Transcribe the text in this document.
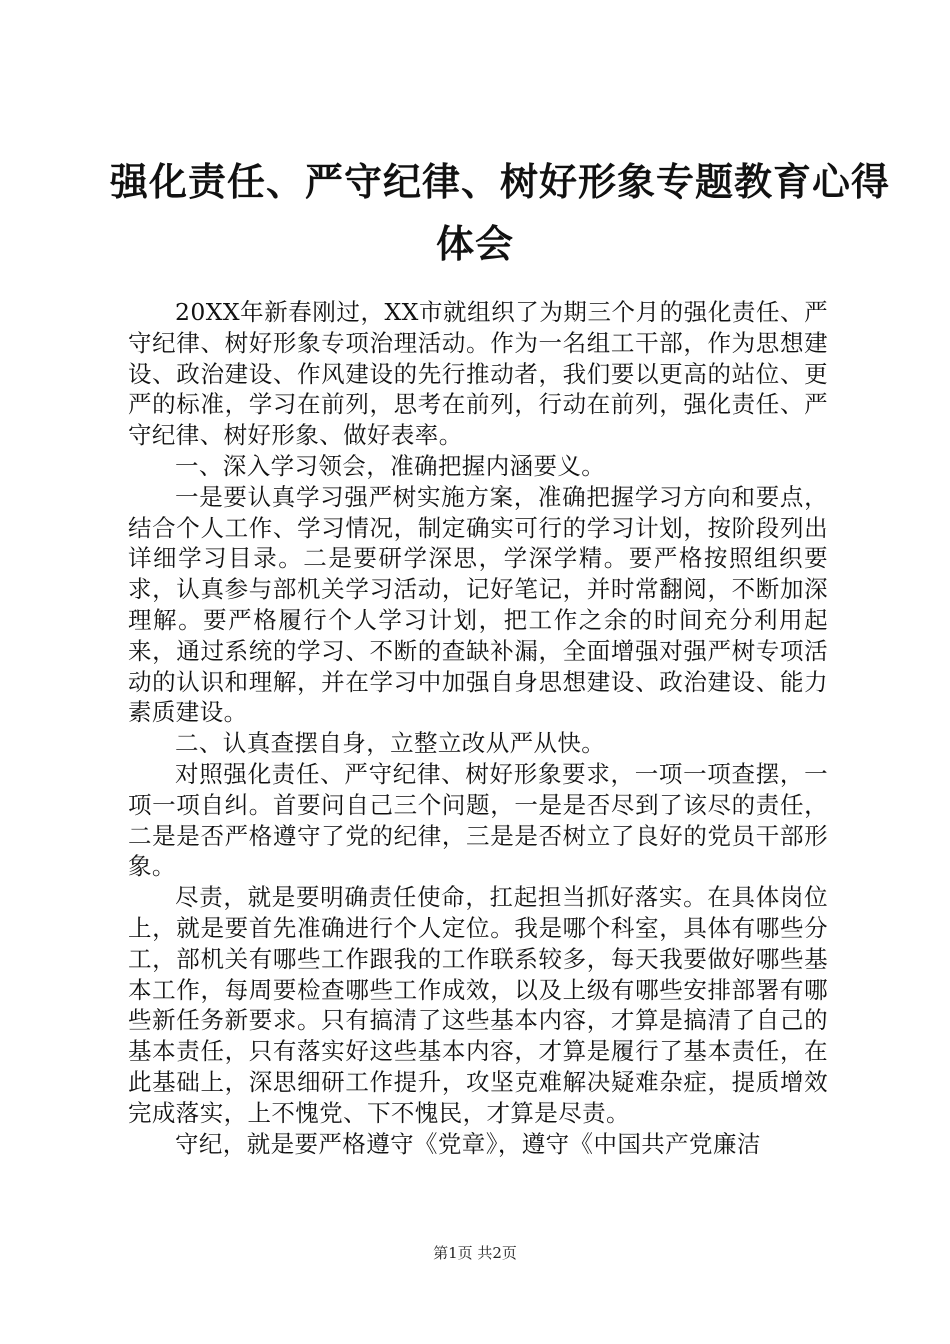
强化责任、严守纪律、树好形象专题教育心得
体会

20XX年新春刚过，XX市就组织了为期三个月的强化责任、严守纪律、树好形象专项治理活动。作为一名组工干部，作为思想建设、政治建设、作风建设的先行推动者，我们要以更高的站位、更严的标准，学习在前列，思考在前列，行动在前列，强化责任、严守纪律、树好形象、做好表率。

一、深入学习领会，准确把握内涵要义。

一是要认真学习强严树实施方案，准确把握学习方向和要点，结合个人工作、学习情况，制定确实可行的学习计划，按阶段列出详细学习目录。二是要研学深思，学深学精。要严格按照组织要求，认真参与部机关学习活动，记好笔记，并时常翻阅，不断加深理解。要严格履行个人学习计划，把工作之余的时间充分利用起来，通过系统的学习、不断的查缺补漏，全面增强对强严树专项活动的认识和理解，并在学习中加强自身思想建设、政治建设、能力素质建设。

二、认真查摆自身，立整立改从严从快。

对照强化责任、严守纪律、树好形象要求，一项一项查摆，一项一项自纠。首要问自己三个问题，一是是否尽到了该尽的责任，二是是否严格遵守了党的纪律，三是是否树立了良好的党员干部形象。

尽责，就是要明确责任使命，扛起担当抓好落实。在具体岗位上，就是要首先准确进行个人定位。我是哪个科室，具体有哪些分工，部机关有哪些工作跟我的工作联系较多，每天我要做好哪些基本工作，每周要检查哪些工作成效，以及上级有哪些安排部署有哪些新任务新要求。只有搞清了这些基本内容，才算是搞清了自己的基本责任，只有落实好这些基本内容，才算是履行了基本责任，在此基础上，深思细研工作提升，攻坚克难解决疑难杂症，提质增效完成落实，上不愧党、下不愧民，才算是尽责。

守纪，就是要严格遵守《党章》，遵守《中国共产党廉洁

第1页 共2页
